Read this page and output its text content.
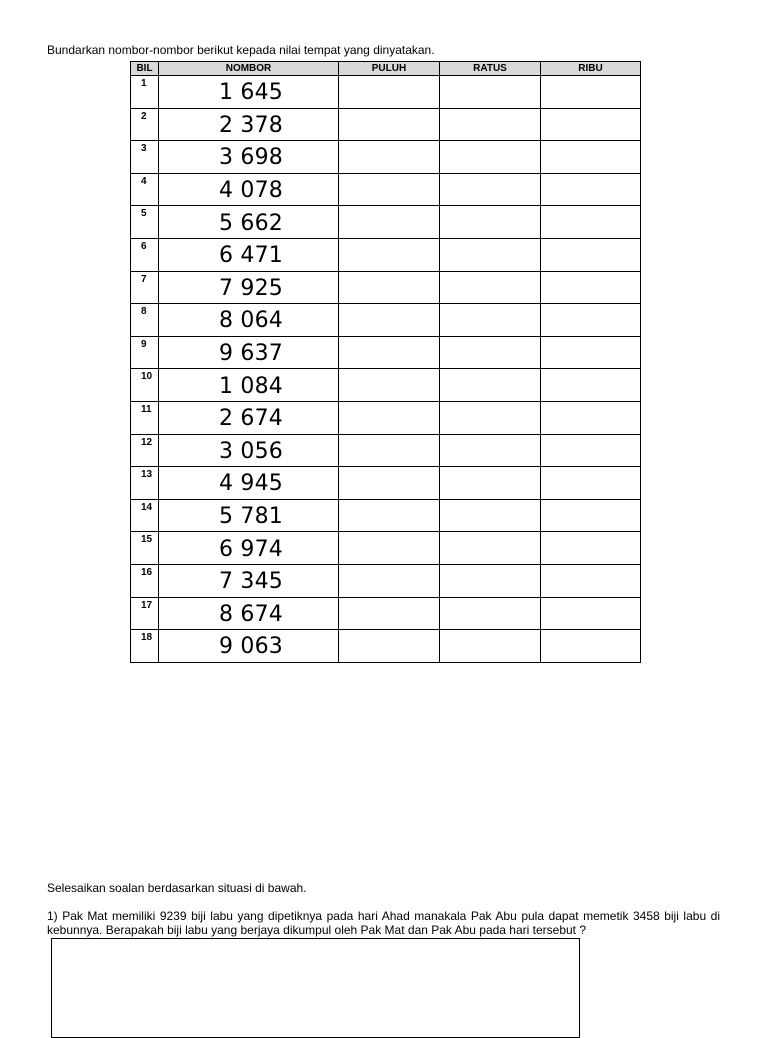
Bundarkan nombor-nombor berikut kepada nilai tempat yang dinyatakan.
BIL	NOMBOR	PULUH	RATUS	RIBU
1	1 645			
2	2 378			
3	3 698			
4	4 078			
5	5 662			
6	6 471			
7	7 925			
8	8 064			
9	9 637			
10	1 084			
11	2 674			
12	3 056			
13	4 945			
14	5 781			
15	6 974			
16	7 345			
17	8 674			
18	9 063			
Selesaikan soalan berdasarkan situasi di bawah.
1) Pak Mat memiliki 9239 biji labu yang dipetiknya pada hari Ahad manakala Pak Abu pula dapat memetik 3458 biji labu di kebunnya. Berapakah biji labu yang berjaya dikumpul oleh Pak Mat dan Pak Abu pada hari tersebut ?
